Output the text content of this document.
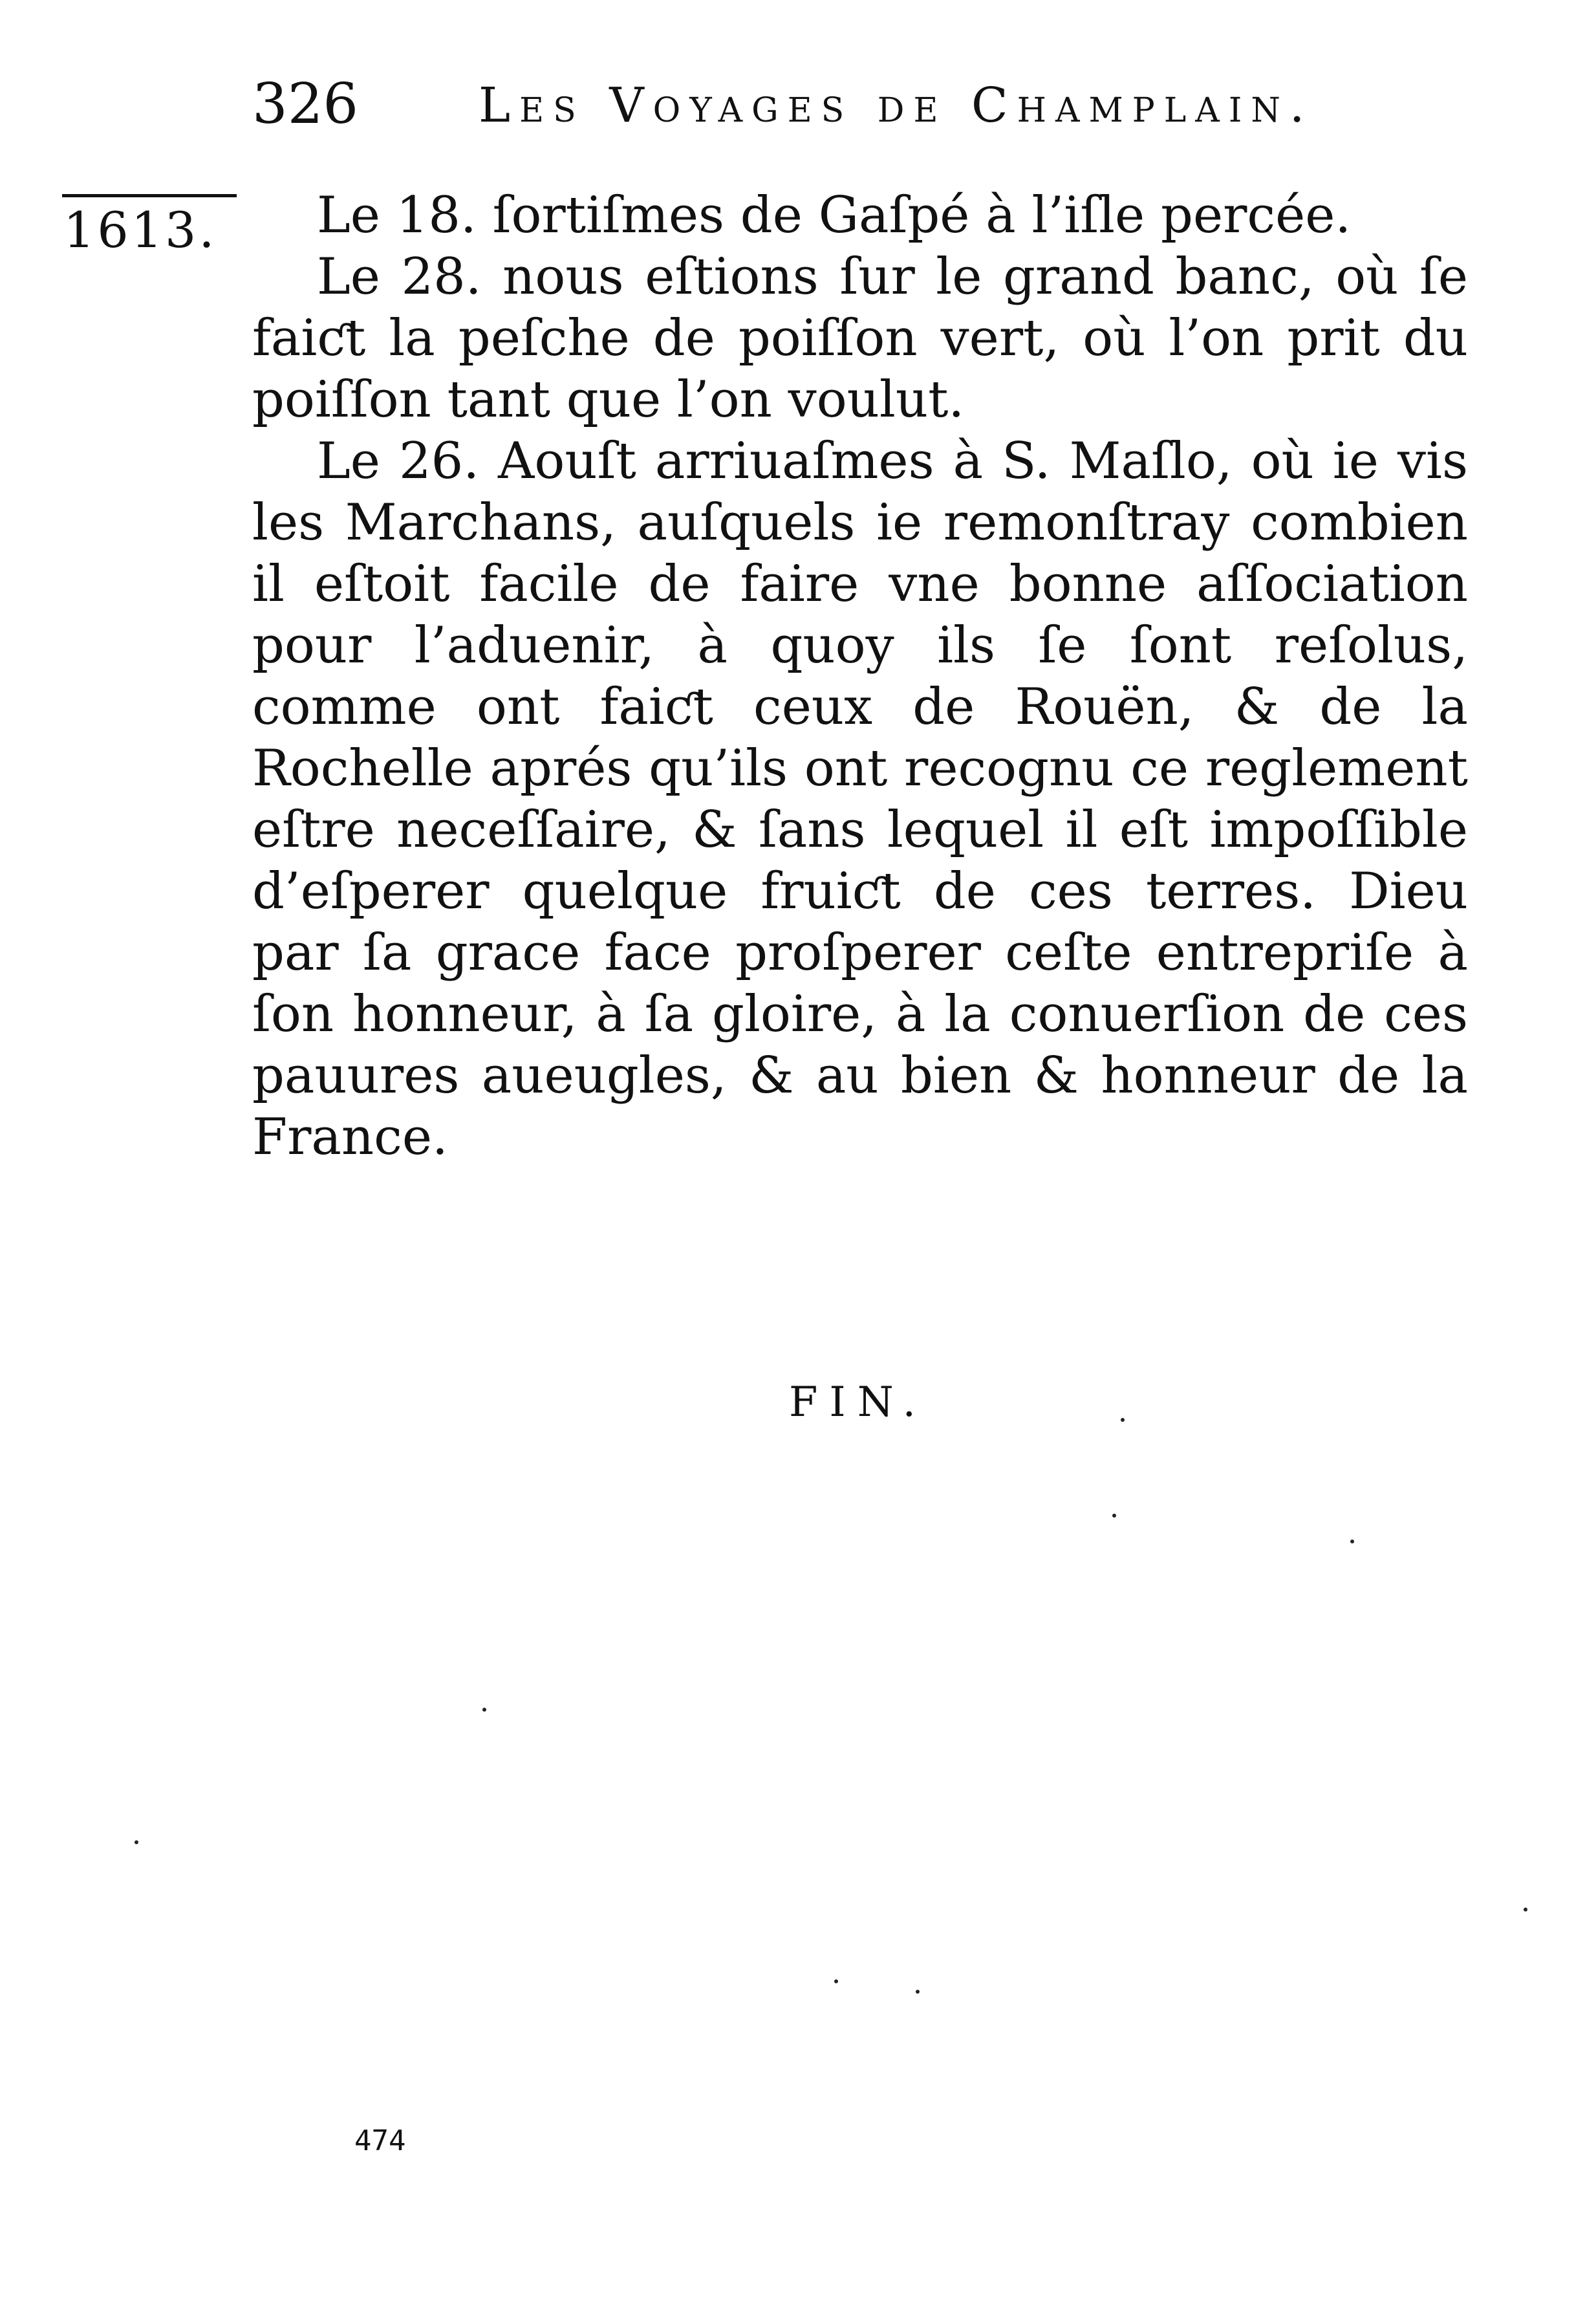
326	Les Voyages de Champlain.
1613.	Le 18. ſortiſmes de Gaſpé à l’iſle percée.

Le 28. nous eſtions ſur le grand banc, où ſe faiƈt la peſche de poiſſon vert, où l’on prit du poiſſon tant que l’on voulut.

Le 26. Aouſt arriuaſmes à S. Maſlo, où ie vis les Marchans, auſquels ie remonſtray combien il eſtoit facile de faire vne bonne aſſociation pour l’aduenir, à quoy ils ſe ſont reſolus, comme ont faiƈt ceux de Rouën, & de la Rochelle aprés qu’ils ont recognu ce reglement eſtre neceſſaire, & ſans lequel il eſt impoſſible d’eſperer quelque fruiƈt de ces terres. Dieu par ſa grace face proſperer ceſte entrepriſe à ſon honneur, à ſa gloire, à la conuerſion de ces pauures aueugles, & au bien & honneur de la France.

FIN.
474
